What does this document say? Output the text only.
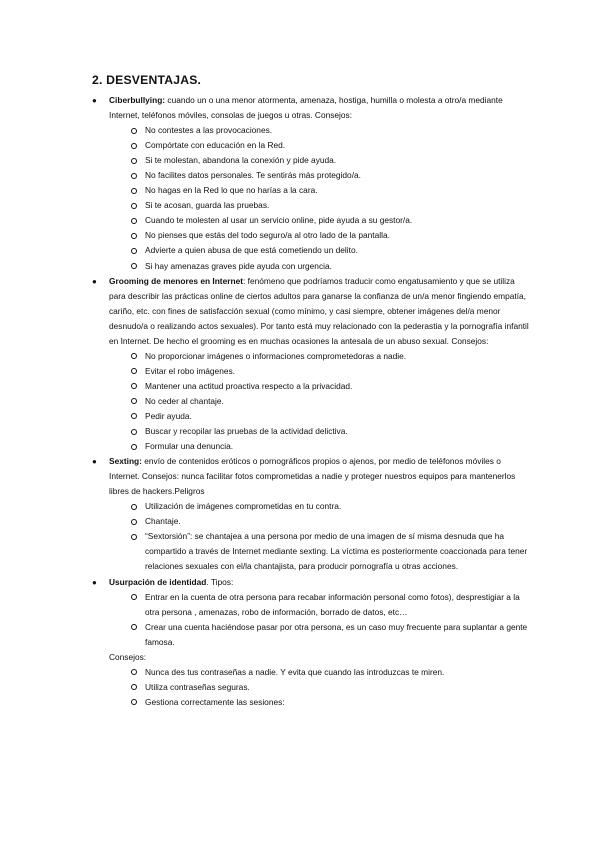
2. DESVENTAJAS.
● Ciberbullying: cuando un o una menor atormenta, amenaza, hostiga, humilla o molesta a otro/a mediante Internet, teléfonos móviles, consolas de juegos u otras. Consejos:
No contestes a las provocaciones.
Compórtate con educación en la Red.
Si te molestan, abandona la conexión y pide ayuda.
No facilites datos personales. Te sentirás más protegido/a.
No hagas en la Red lo que no harías a la cara.
Si te acosan, guarda las pruebas.
Cuando te molesten al usar un servicio online, pide ayuda a su gestor/a.
No pienses que estás del todo seguro/a al otro lado de la pantalla.
Advierte a quien abusa de que está cometiendo un delito.
Si hay amenazas graves pide ayuda con urgencia.
● Grooming de menores en Internet: fenómeno que podríamos traducir como engatusamiento y que se utiliza para describir las prácticas online de ciertos adultos para ganarse la confianza de un/a menor fingiendo empatía, cariño, etc. con fines de satisfacción sexual (como mínimo, y casi siempre, obtener imágenes del/a menor desnudo/a o realizando actos sexuales). Por tanto está muy relacionado con la pederastia y la pornografía infantil en Internet. De hecho el grooming es en muchas ocasiones la antesala de un abuso sexual. Consejos:
No proporcionar imágenes o informaciones comprometedoras a nadie.
Evitar el robo imágenes.
Mantener una actitud proactiva respecto a la privacidad.
No ceder al chantaje.
Pedir ayuda.
Buscar y recopilar las pruebas de la actividad delictiva.
Formular una denuncia.
● Sexting: envío de contenidos eróticos o pornográficos propios o ajenos, por medio de teléfonos móviles o Internet. Consejos: nunca facilitar fotos comprometidas a nadie y proteger nuestros equipos para mantenerlos libres de hackers.Peligros
Utilización de imágenes comprometidas en tu contra.
Chantaje.
“Sextorsión”: se chantajea a una persona por medio de una imagen de sí misma desnuda que ha compartido a través de Internet mediante sexting. La víctima es posteriormente coaccionada para tener relaciones sexuales con el/la chantajista, para producir pornografía u otras acciones.
● Usurpación de identidad. Tipos:
Entrar en la cuenta de otra persona para recabar información personal como fotos), desprestigiar a la otra persona , amenazas, robo de información, borrado de datos, etc…
Crear una cuenta haciéndose pasar por otra persona, es un caso muy frecuente para suplantar a gente famosa.
Consejos:
Nunca des tus contraseñas a nadie. Y evita que cuando las introduzcas te miren.
Utiliza contraseñas seguras.
Gestiona correctamente las sesiones:
